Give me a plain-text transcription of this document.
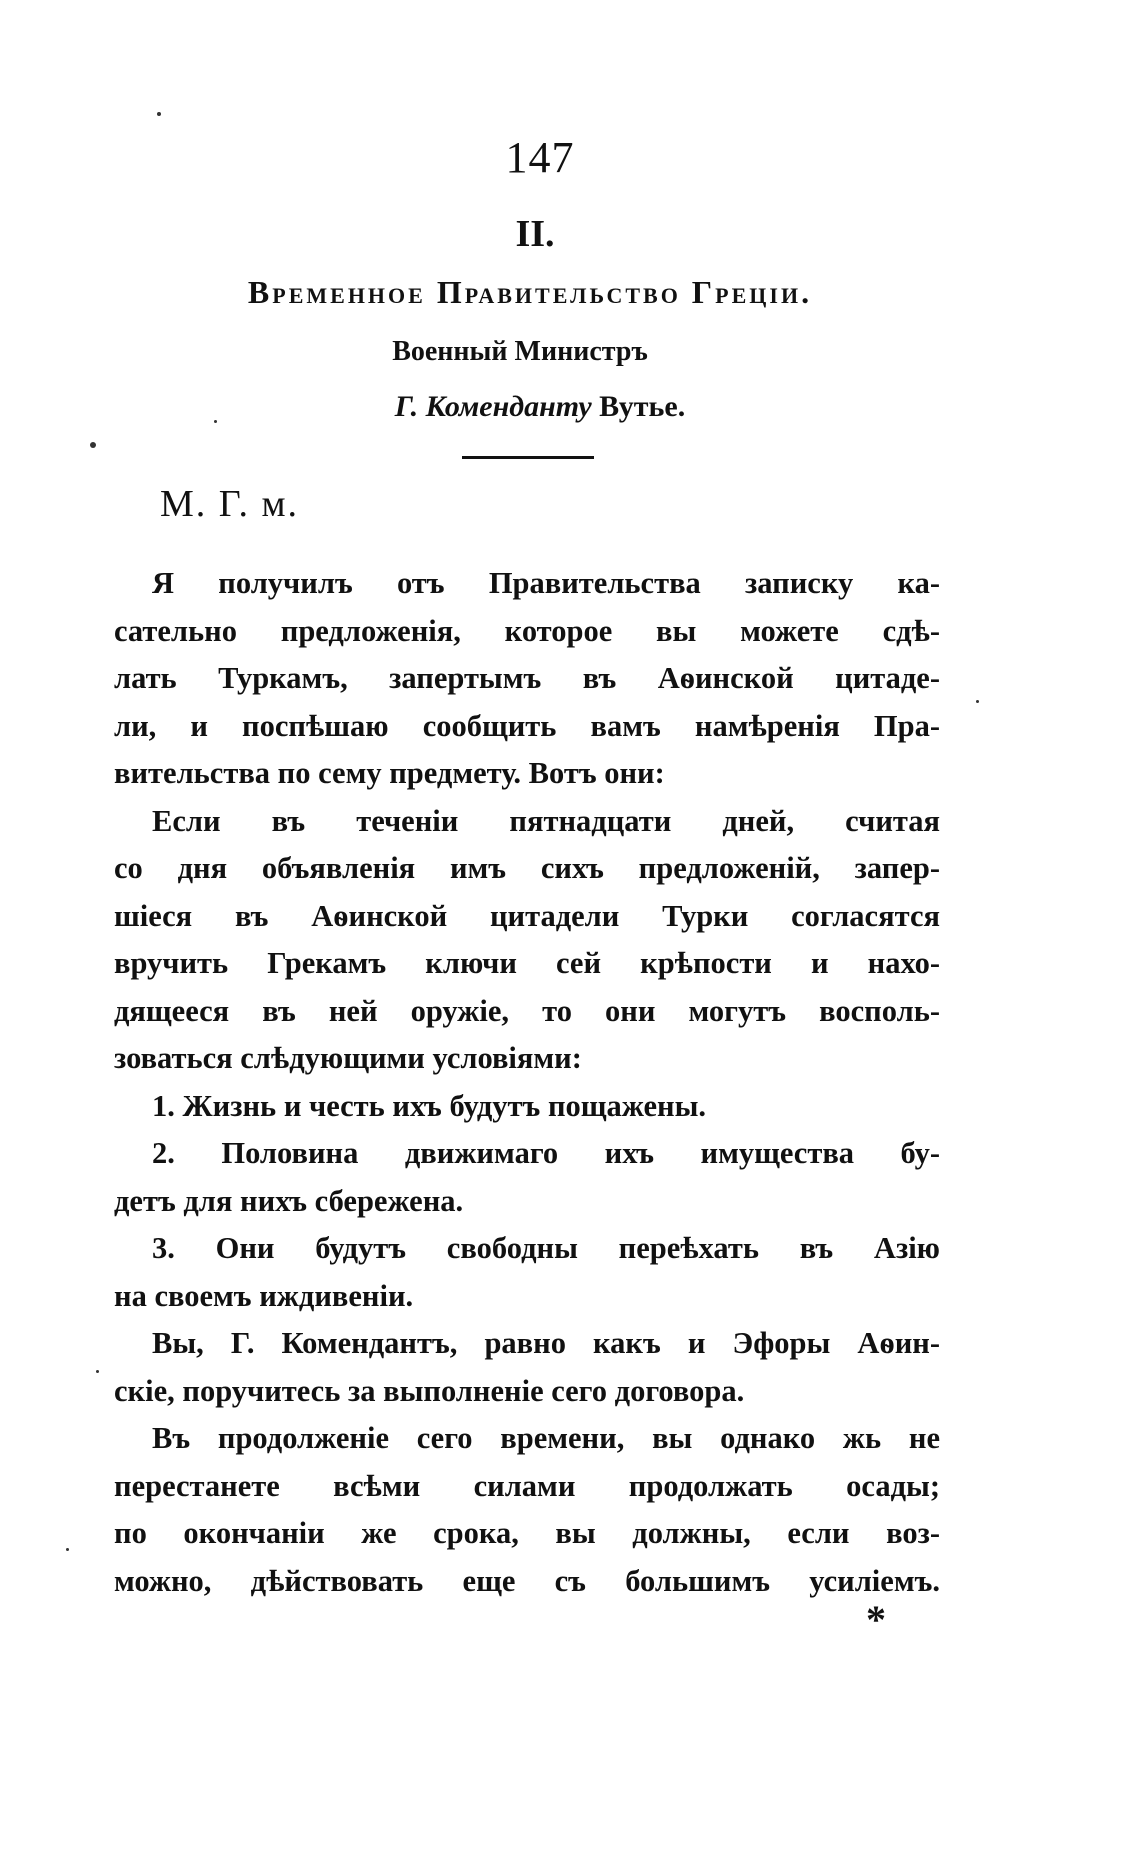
147
II.
Временное Правительство Греціи.
Военный Министръ
Г. Коменданту Вутье.
М. Г. м.
Я получилъ отъ Правительства записку ка-
сательно предложенія, которое вы можете сдѣ-
лать Туркамъ, запертымъ въ Аѳинской цитаде-
ли, и поспѣшаю сообщить вамъ намѣренія Пра-
вительства по сему предмету. Вотъ они:
Если въ теченіи пятнадцати дней, считая
со дня объявленія имъ сихъ предложеній, запер-
шіеся въ Аѳинской цитадели Турки согласятся
вручить Грекамъ ключи сей крѣпости и нахо-
дящееся въ ней оружіе, то они могутъ восполь-
зоваться слѣдующими условіями:
1. Жизнь и честь ихъ будутъ пощажены.
2. Половина движимаго ихъ имущества бу-
детъ для нихъ сбережена.
3. Они будутъ свободны переѣхать въ Азію
на своемъ иждивеніи.
Вы, Г. Комендантъ, равно какъ и Эфоры Аѳин-
скіе, поручитесь за выполненіе сего договора.
Въ продолженіе сего времени, вы однако жь не
перестанете всѣми силами продолжать осады;
по окончаніи же срока, вы должны, если воз-
можно, дѣйствовать еще съ большимъ усиліемъ.
*
